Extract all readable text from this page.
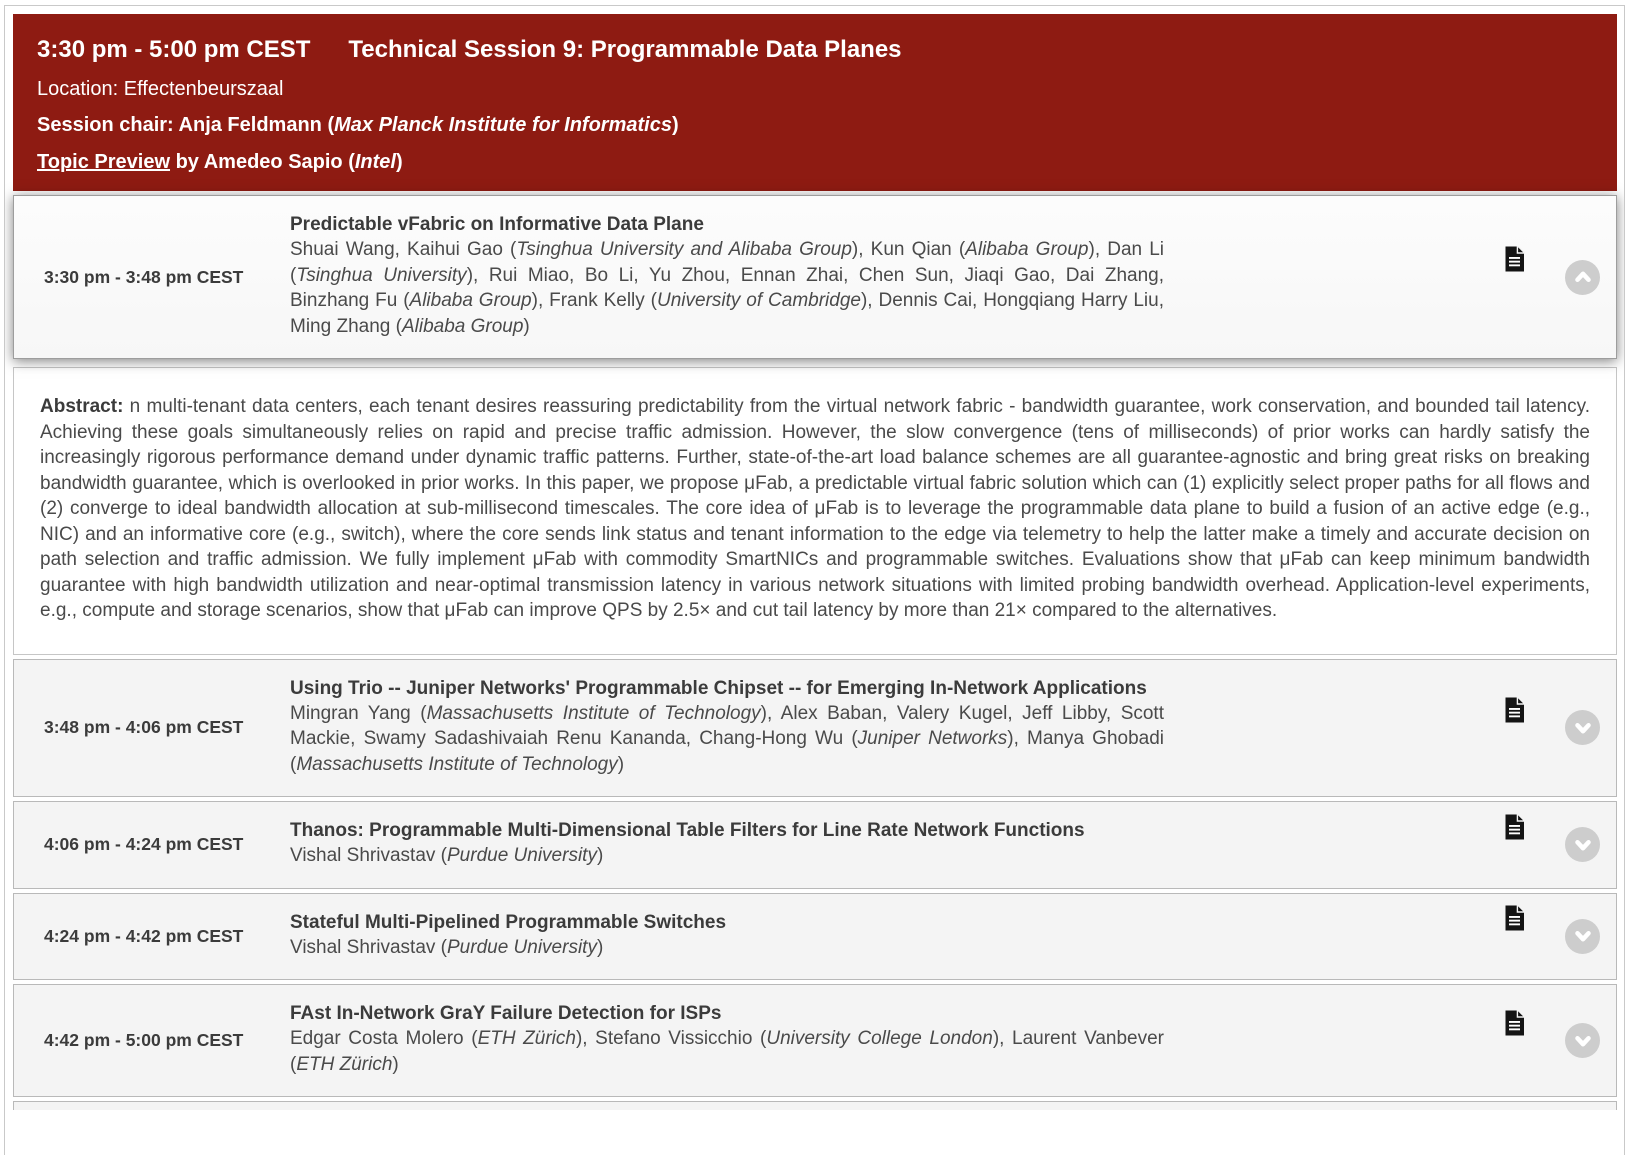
3:30 pm - 5:00 pm CEST Technical Session 9: Programmable Data Planes
Location: Effectenbeurszaal
Session chair: Anja Feldmann (Max Planck Institute for Informatics)
Topic Preview by Amedeo Sapio (Intel)
3:30 pm - 3:48 pm CEST
Predictable vFabric on Informative Data Plane

Shuai Wang, Kaihui Gao (Tsinghua University and Alibaba Group), Kun Qian (Alibaba Group), Dan Li (Tsinghua University), Rui Miao, Bo Li, Yu Zhou, Ennan Zhai, Chen Sun, Jiaqi Gao, Dai Zhang, Binzhang Fu (Alibaba Group), Frank Kelly (University of Cambridge), Dennis Cai, Hongqiang Harry Liu, Ming Zhang (Alibaba Group)

Abstract: n multi-tenant data centers, each tenant desires reassuring predictability from the virtual network fabric - bandwidth guarantee, work conservation, and bounded tail latency. Achieving these goals simultaneously relies on rapid and precise traffic admission. However, the slow convergence (tens of milliseconds) of prior works can hardly satisfy the increasingly rigorous performance demand under dynamic traffic patterns. Further, state-of-the-art load balance schemes are all guarantee-agnostic and bring great risks on breaking bandwidth guarantee, which is overlooked in prior works. In this paper, we propose μFab, a predictable virtual fabric solution which can (1) explicitly select proper paths for all flows and (2) converge to ideal bandwidth allocation at sub-millisecond timescales. The core idea of μFab is to leverage the programmable data plane to build a fusion of an active edge (e.g., NIC) and an informative core (e.g., switch), where the core sends link status and tenant information to the edge via telemetry to help the latter make a timely and accurate decision on path selection and traffic admission. We fully implement μFab with commodity SmartNICs and programmable switches. Evaluations show that μFab can keep minimum bandwidth guarantee with high bandwidth utilization and near-optimal transmission latency in various network situations with limited probing bandwidth overhead. Application-level experiments, e.g., compute and storage scenarios, show that μFab can improve QPS by 2.5× and cut tail latency by more than 21× compared to the alternatives.
3:48 pm - 4:06 pm CEST
Using Trio -- Juniper Networks' Programmable Chipset -- for Emerging In-Network Applications

Mingran Yang (Massachusetts Institute of Technology), Alex Baban, Valery Kugel, Jeff Libby, Scott Mackie, Swamy Sadashivaiah Renu Kananda, Chang-Hong Wu (Juniper Networks), Manya Ghobadi (Massachusetts Institute of Technology)

4:06 pm - 4:24 pm CEST
Thanos: Programmable Multi-Dimensional Table Filters for Line Rate Network Functions

Vishal Shrivastav (Purdue University)

4:24 pm - 4:42 pm CEST
Stateful Multi-Pipelined Programmable Switches

Vishal Shrivastav (Purdue University)

4:42 pm - 5:00 pm CEST
FAst In-Network GraY Failure Detection for ISPs

Edgar Costa Molero (ETH Zürich), Stefano Vissicchio (University College London), Laurent Vanbever (ETH Zürich)
